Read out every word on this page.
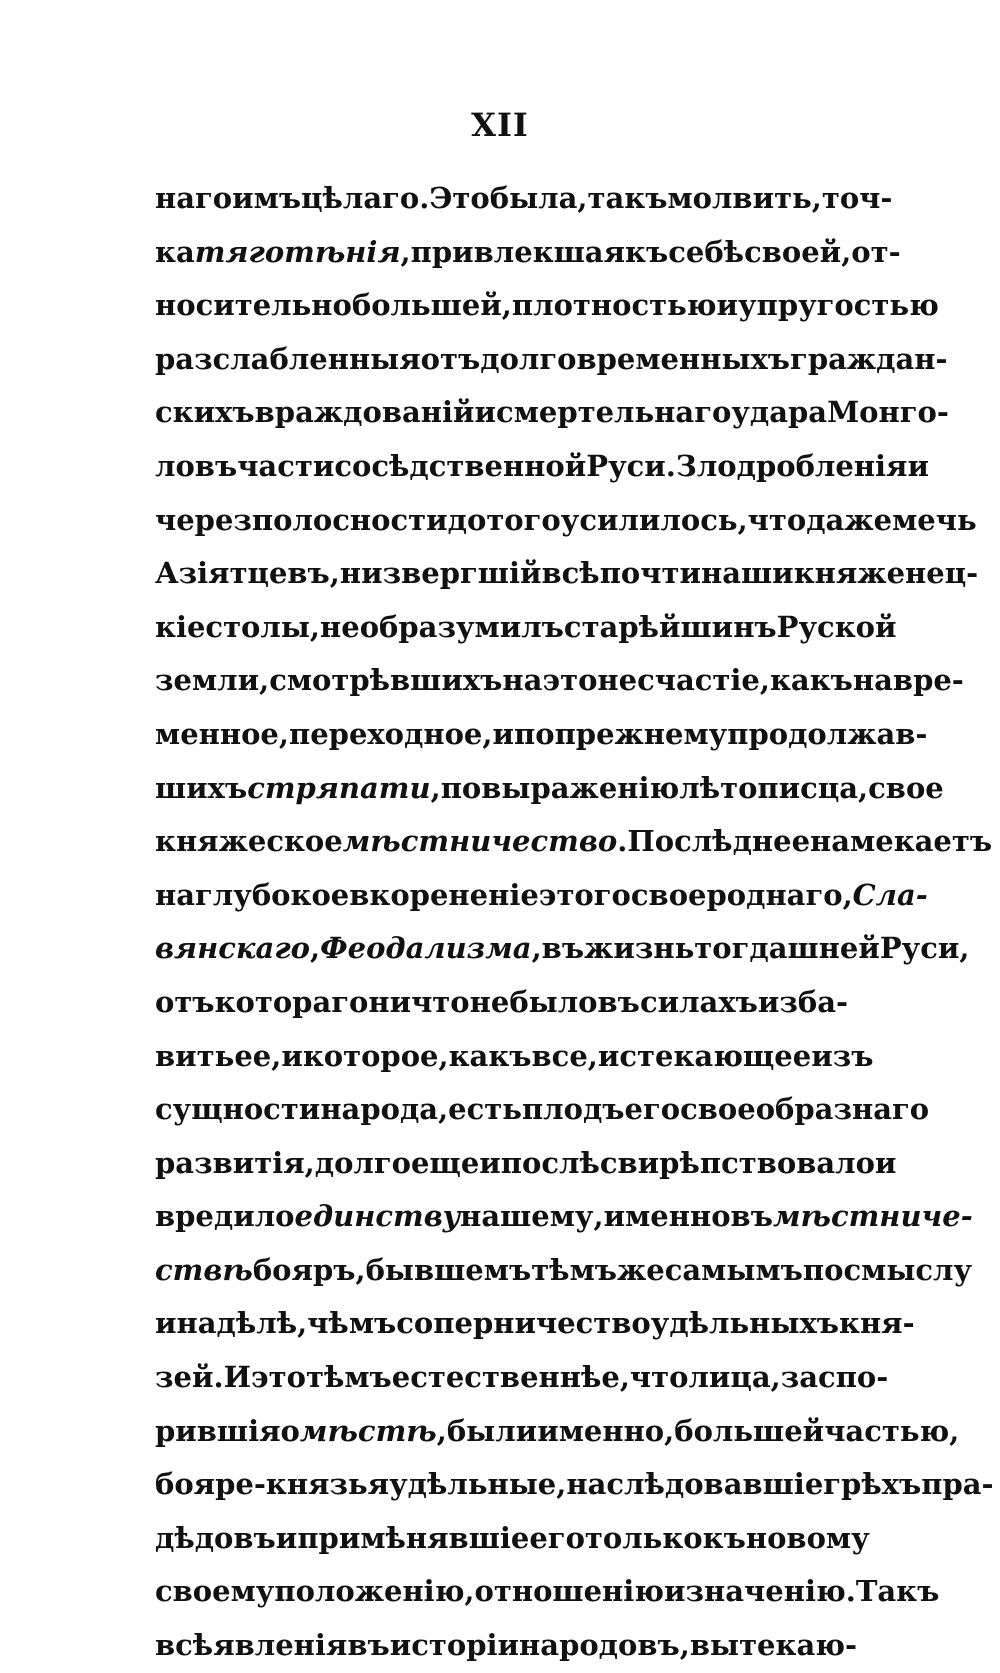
XII
наго имъ цѣлаго. Это была, такъ молвить, точ-
ка тяготѣнія, привлекшая къ себѣ своей, от-
носительно большей, плотностью и упругостью
разслабленныя отъ долговременныхъ граждан-
скихъ враждованій и смертельнаго удара Монго-
ловъ части сосѣдственной Руси. Зло дробленія и
черезполосности до того усилилось, что даже мечь
Азіятцевъ, низвергшій всѣ почти наши княженец-
кіе столы, не образумилъ старѣйшинъ Руской
земли, смотрѣвшихъ на это несчастіе, какъ на вре-
менное, переходное, и по прежнему продолжав-
шихъ стряпати, по выраженію лѣтописца, свое
княжеское мѣстничество. Послѣднее намекаетъ
на глубокое вкорененіе этого своероднаго, Сла-
вянскаго, Феодализма, въ жизнь тогдашней Руси,
отъ котораго ничто не было въ силахъ избa-
вить ее, и которое, какъ все, истекающее изъ
сущности народа, есть плодъ его своеобразнаго
развитія, долго еще и послѣ свирѣпствовало и
вредило единству нашему, именно въ мѣстничe-
ствѣ бояръ, бывшемъ тѣмъ же самымъ по смыслу
и на дѣлѣ, чѣмъ соперничество удѣльныхъ кня-
зей. И это тѣмъ естественнѣе, что лица, заспо-
рившія о мѣстѣ, были именно, большей частью,
бояре-князья удѣльные, наслѣдовавшіе грѣхъ пра-
дѣдовъ и примѣнявшіе его только къ новому
своему положенію, отношенію и значенію. Такъ
всѣ явленія въ исторіи народовъ, вытекаю-
